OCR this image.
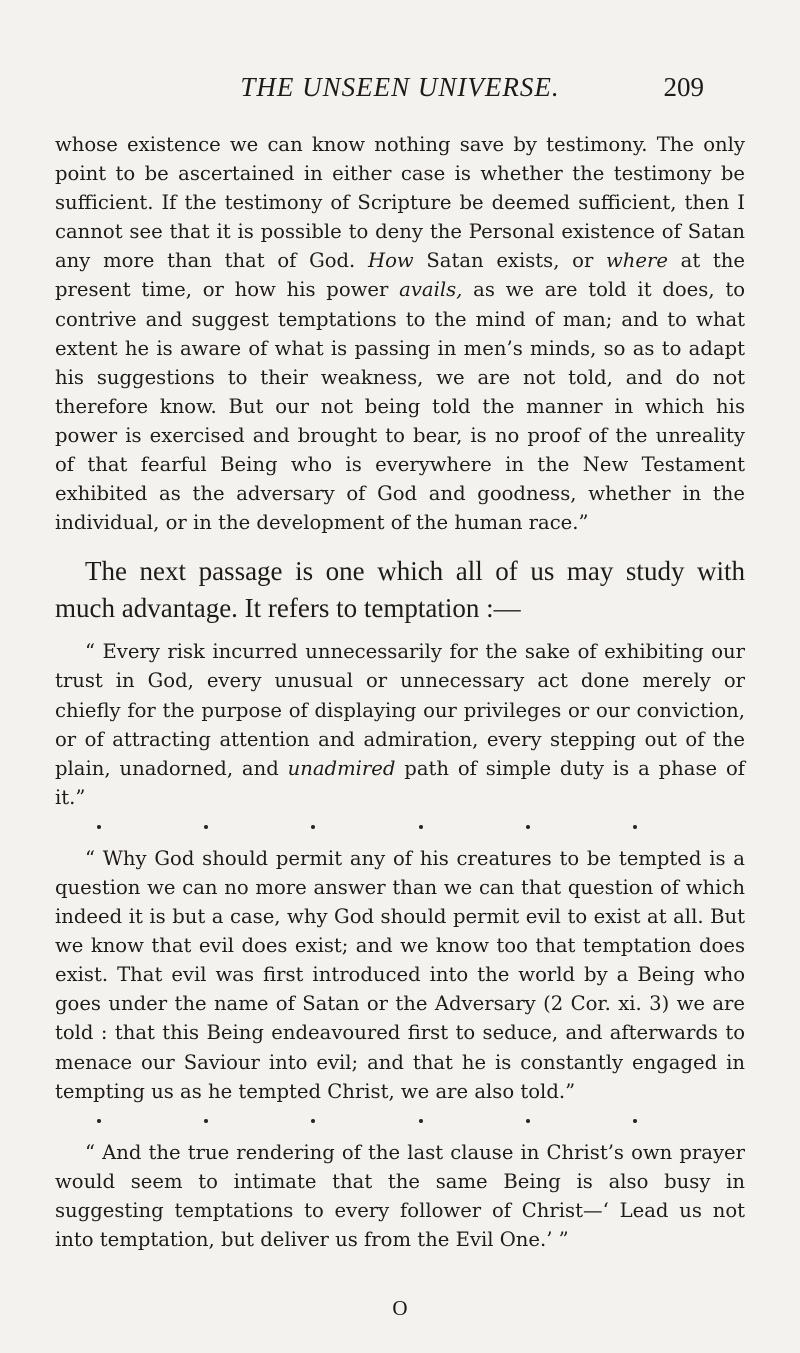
THE UNSEEN UNIVERSE.	209

whose existence we can know nothing save by testimony. The only point to be ascertained in either case is whether the testimony be sufficient. If the testimony of Scripture be deemed sufficient, then I cannot see that it is possible to deny the Personal existence of Satan any more than that of God. How Satan exists, or where at the present time, or how his power avails, as we are told it does, to contrive and suggest temptations to the mind of man; and to what extent he is aware of what is passing in men’s minds, so as to adapt his suggestions to their weakness, we are not told, and do not therefore know. But our not being told the manner in which his power is exercised and brought to bear, is no proof of the unreality of that fearful Being who is everywhere in the New Testament exhibited as the adversary of God and goodness, whether in the individual, or in the development of the human race.”

The next passage is one which all of us may study with much advantage. It refers to temptation :—

“ Every risk incurred unnecessarily for the sake of exhibiting our trust in God, every unusual or unnecessary act done merely or chiefly for the purpose of displaying our privileges or our conviction, or of attracting attention and admiration, every stepping out of the plain, unadorned, and unadmired path of simple duty is a phase of it.”

“ Why God should permit any of his creatures to be tempted is a question we can no more answer than we can that question of which indeed it is but a case, why God should permit evil to exist at all. But we know that evil does exist; and we know too that temptation does exist. That evil was first introduced into the world by a Being who goes under the name of Satan or the Adversary (2 Cor. xi. 3) we are told : that this Being endeavoured first to seduce, and afterwards to menace our Saviour into evil; and that he is constantly engaged in tempting us as he tempted Christ, we are also told.”

“ And the true rendering of the last clause in Christ’s own prayer would seem to intimate that the same Being is also busy in suggesting temptations to every follower of Christ—‘ Lead us not into temptation, but deliver us from the Evil One.’ ”

O
